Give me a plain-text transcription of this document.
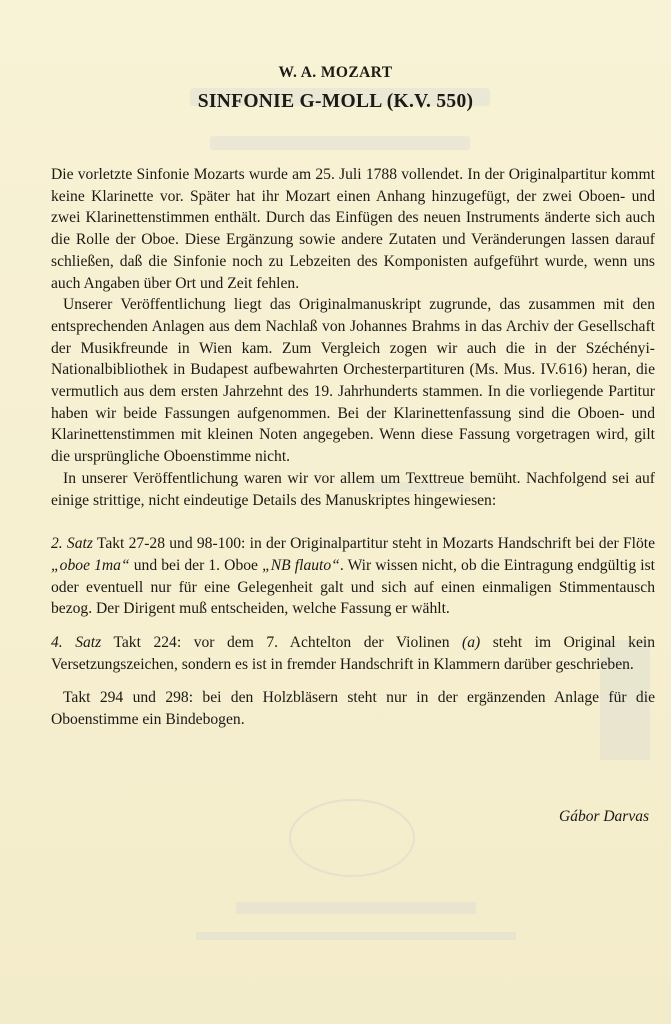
W. A. MOZART
SINFONIE G-MOLL (K.V. 550)

Die vorletzte Sinfonie Mozarts wurde am 25. Juli 1788 vollendet. In der Originalpartitur kommt keine Klarinette vor. Später hat ihr Mozart einen Anhang hinzugefügt, der zwei Oboen- und zwei Klarinettenstimmen enthält. Durch das Einfügen des neuen Instruments änderte sich auch die Rolle der Oboe. Diese Ergänzung sowie andere Zutaten und Veränderungen lassen darauf schließen, daß die Sinfonie noch zu Lebzeiten des Komponisten aufgeführt wurde, wenn uns auch Angaben über Ort und Zeit fehlen.

Unserer Veröffentlichung liegt das Originalmanuskript zugrunde, das zusammen mit den entsprechenden Anlagen aus dem Nachlaß von Johannes Brahms in das Archiv der Gesellschaft der Musikfreunde in Wien kam. Zum Vergleich zogen wir auch die in der Széchényi-Nationalbibliothek in Budapest aufbewahrten Orchesterpartituren (Ms. Mus. IV.616) heran, die vermutlich aus dem ersten Jahrzehnt des 19. Jahrhunderts stammen. In die vorliegende Partitur haben wir beide Fassungen aufgenommen. Bei der Klarinettenfassung sind die Oboen- und Klarinettenstimmen mit kleinen Noten angegeben. Wenn diese Fassung vorgetragen wird, gilt die ursprüngliche Oboenstimme nicht.

In unserer Veröffentlichung waren wir vor allem um Texttreue bemüht. Nachfolgend sei auf einige strittige, nicht eindeutige Details des Manuskriptes hingewiesen:

2. Satz Takt 27-28 und 98-100: in der Originalpartitur steht in Mozarts Handschrift bei der Flöte „oboe 1ma“ und bei der 1. Oboe „NB flauto“. Wir wissen nicht, ob die Eintragung endgültig ist oder eventuell nur für eine Gelegenheit galt und sich auf einen einmaligen Stimmentausch bezog. Der Dirigent muß entscheiden, welche Fassung er wählt.

4. Satz Takt 224: vor dem 7. Achtelton der Violinen (a) steht im Original kein Versetzungszeichen, sondern es ist in fremder Handschrift in Klammern darüber geschrieben.

Takt 294 und 298: bei den Holzbläsern steht nur in der ergänzenden Anlage für die Oboenstimme ein Bindebogen.

Gábor Darvas
